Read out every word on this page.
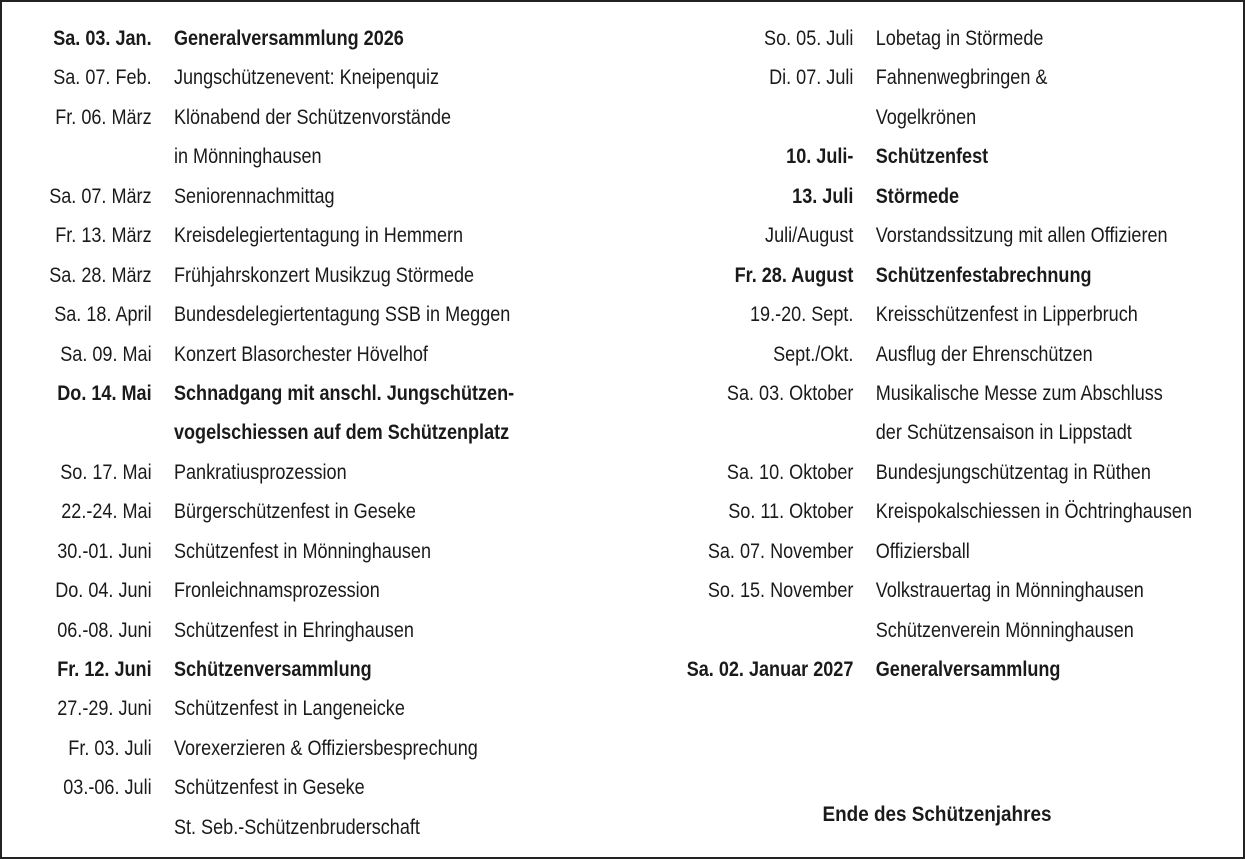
Sa. 03. Jan.	Generalversammlung 2026
Sa. 07. Feb.	Jungschützenevent: Kneipenquiz
Fr. 06. März	Klönabend der Schützenvorstände
in Mönninghausen
Sa. 07. März	Seniorennachmittag
Fr. 13. März	Kreisdelegiertentagung in Hemmern
Sa. 28. März	Frühjahrskonzert Musikzug Störmede
Sa. 18. April	Bundesdelegiertentagung SSB in Meggen
Sa. 09. Mai	Konzert Blasorchester Hövelhof
Do. 14. Mai	Schnadgang mit anschl. Jungschützen-
vogelschiessen auf dem Schützenplatz
So. 17. Mai	Pankratiusprozession
22.-24. Mai	Bürgerschützenfest in Geseke
30.-01. Juni	Schützenfest in Mönninghausen
Do. 04. Juni	Fronleichnamsprozession
06.-08. Juni	Schützenfest in Ehringhausen
Fr. 12. Juni	Schützenversammlung
27.-29. Juni	Schützenfest in Langeneicke
Fr. 03. Juli	Vorexerzieren & Offiziersbesprechung
03.-06. Juli	Schützenfest in Geseke
St. Seb.-Schützenbruderschaft
So. 05. Juli	Lobetag in Störmede
Di. 07. Juli	Fahnenwegbringen &
Vogelkrönen
10. Juli-	Schützenfest
13. Juli	Störmede
Juli/August	Vorstandssitzung mit allen Offizieren
Fr. 28. August	Schützenfestabrechnung
19.-20. Sept.	Kreisschützenfest in Lipperbruch
Sept./Okt.	Ausflug der Ehrenschützen
Sa. 03. Oktober	Musikalische Messe zum Abschluss
der Schützensaison in Lippstadt
Sa. 10. Oktober	Bundesjungschützentag in Rüthen
So. 11. Oktober	Kreispokalschiessen in Öchtringhausen
Sa. 07. November	Offiziersball
So. 15. November	Volkstrauertag in Mönninghausen
Schützenverein Mönninghausen
Sa. 02. Januar 2027	Generalversammlung
Ende des Schützenjahres
